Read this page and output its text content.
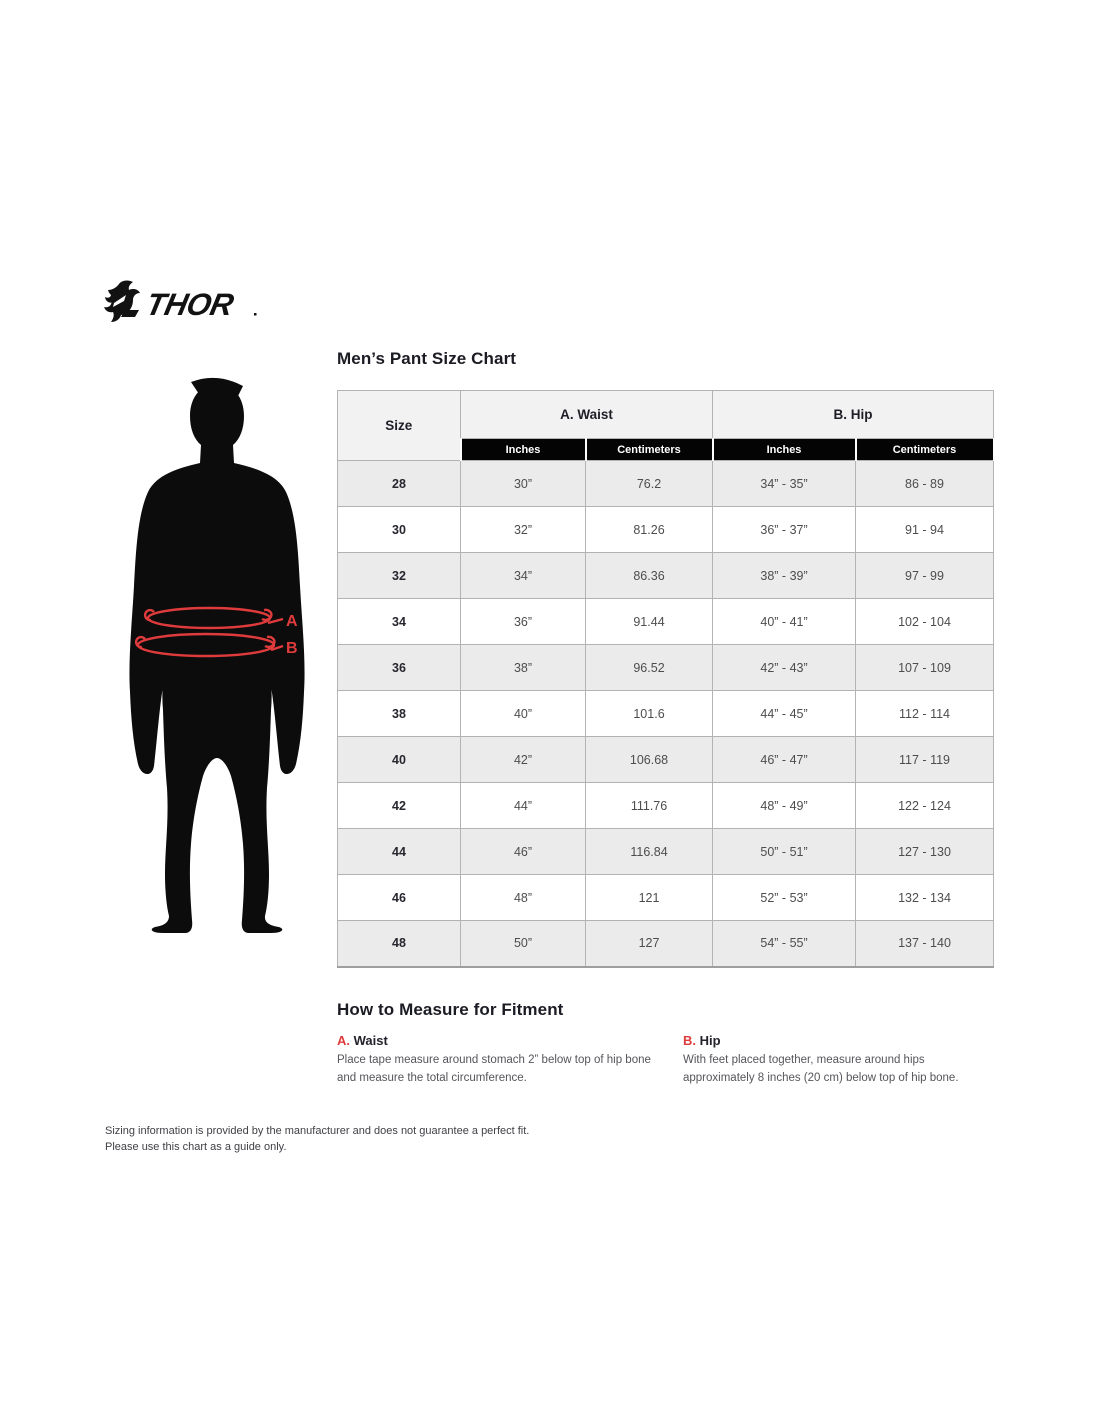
THOR
Men’s Pant Size Chart
A
B
Size	A. Waist		B. Hip	
	Inches	Centimeters	Inches	Centimeters
28	30”	76.2	34” - 35”	86 - 89
30	32”	81.26	36” - 37”	91 - 94
32	34”	86.36	38” - 39”	97 - 99
34	36”	91.44	40” - 41”	102 - 104
36	38”	96.52	42” - 43”	107 - 109
38	40”	101.6	44” - 45”	112 - 114
40	42”	106.68	46” - 47”	117 - 119
42	44”	111.76	48” - 49”	122 - 124
44	46”	116.84	50” - 51”	127 - 130
46	48”	121	52” - 53”	132 - 134
48	50”	127	54” - 55”	137 - 140
How to Measure for Fitment
A. Waist
Place tape measure around stomach 2” below top of hip bone and measure the total circumference.
B. Hip
With feet placed together, measure around hips approximately 8 inches (20 cm) below top of hip bone.
Sizing information is provided by the manufacturer and does not guarantee a perfect fit.
Please use this chart as a guide only.
